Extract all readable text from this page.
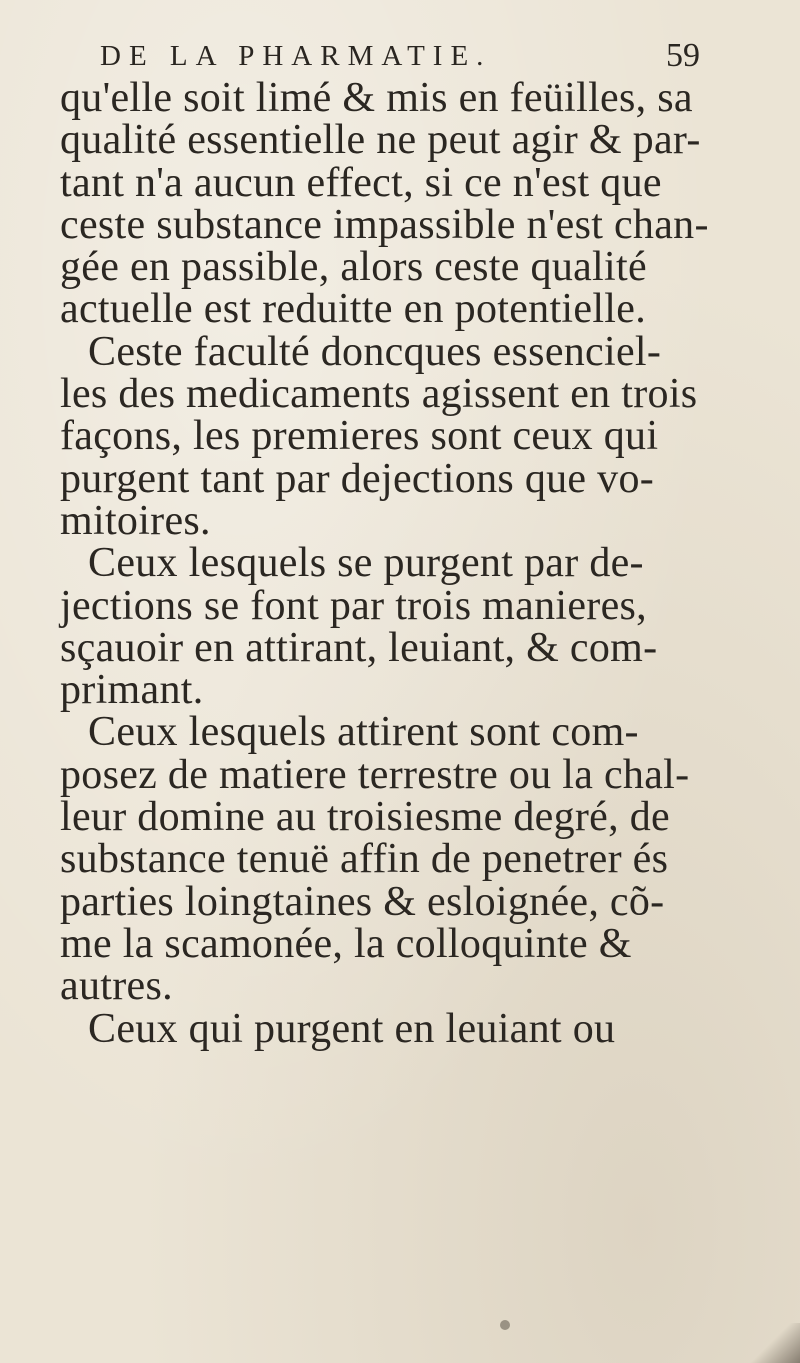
DE LA PHARMATIE.	59
qu'elle soit limé & mis en feüilles, sa
qualité essentielle ne peut agir & par-
tant n'a aucun effect, si ce n'est que
ceste substance impassible n'est chan-
gée en passible, alors ceste qualité
actuelle est reduitte en potentielle.
Ceste faculté doncques essenciel-
les des medicaments agissent en trois
façons, les premieres sont ceux qui
purgent tant par dejections que vo-
mitoires.
Ceux lesquels se purgent par de-
jections se font par trois manieres,
sçauoir en attirant, leuiant, & com-
primant.
Ceux lesquels attirent sont com-
posez de matiere terrestre ou la chal-
leur domine au troisiesme degré, de
substance tenuë affin de penetrer és
parties loingtaines & esloignée, cõ-
me la scamonée, la colloquinte &
autres.
Ceux qui purgent en leuiant ou
